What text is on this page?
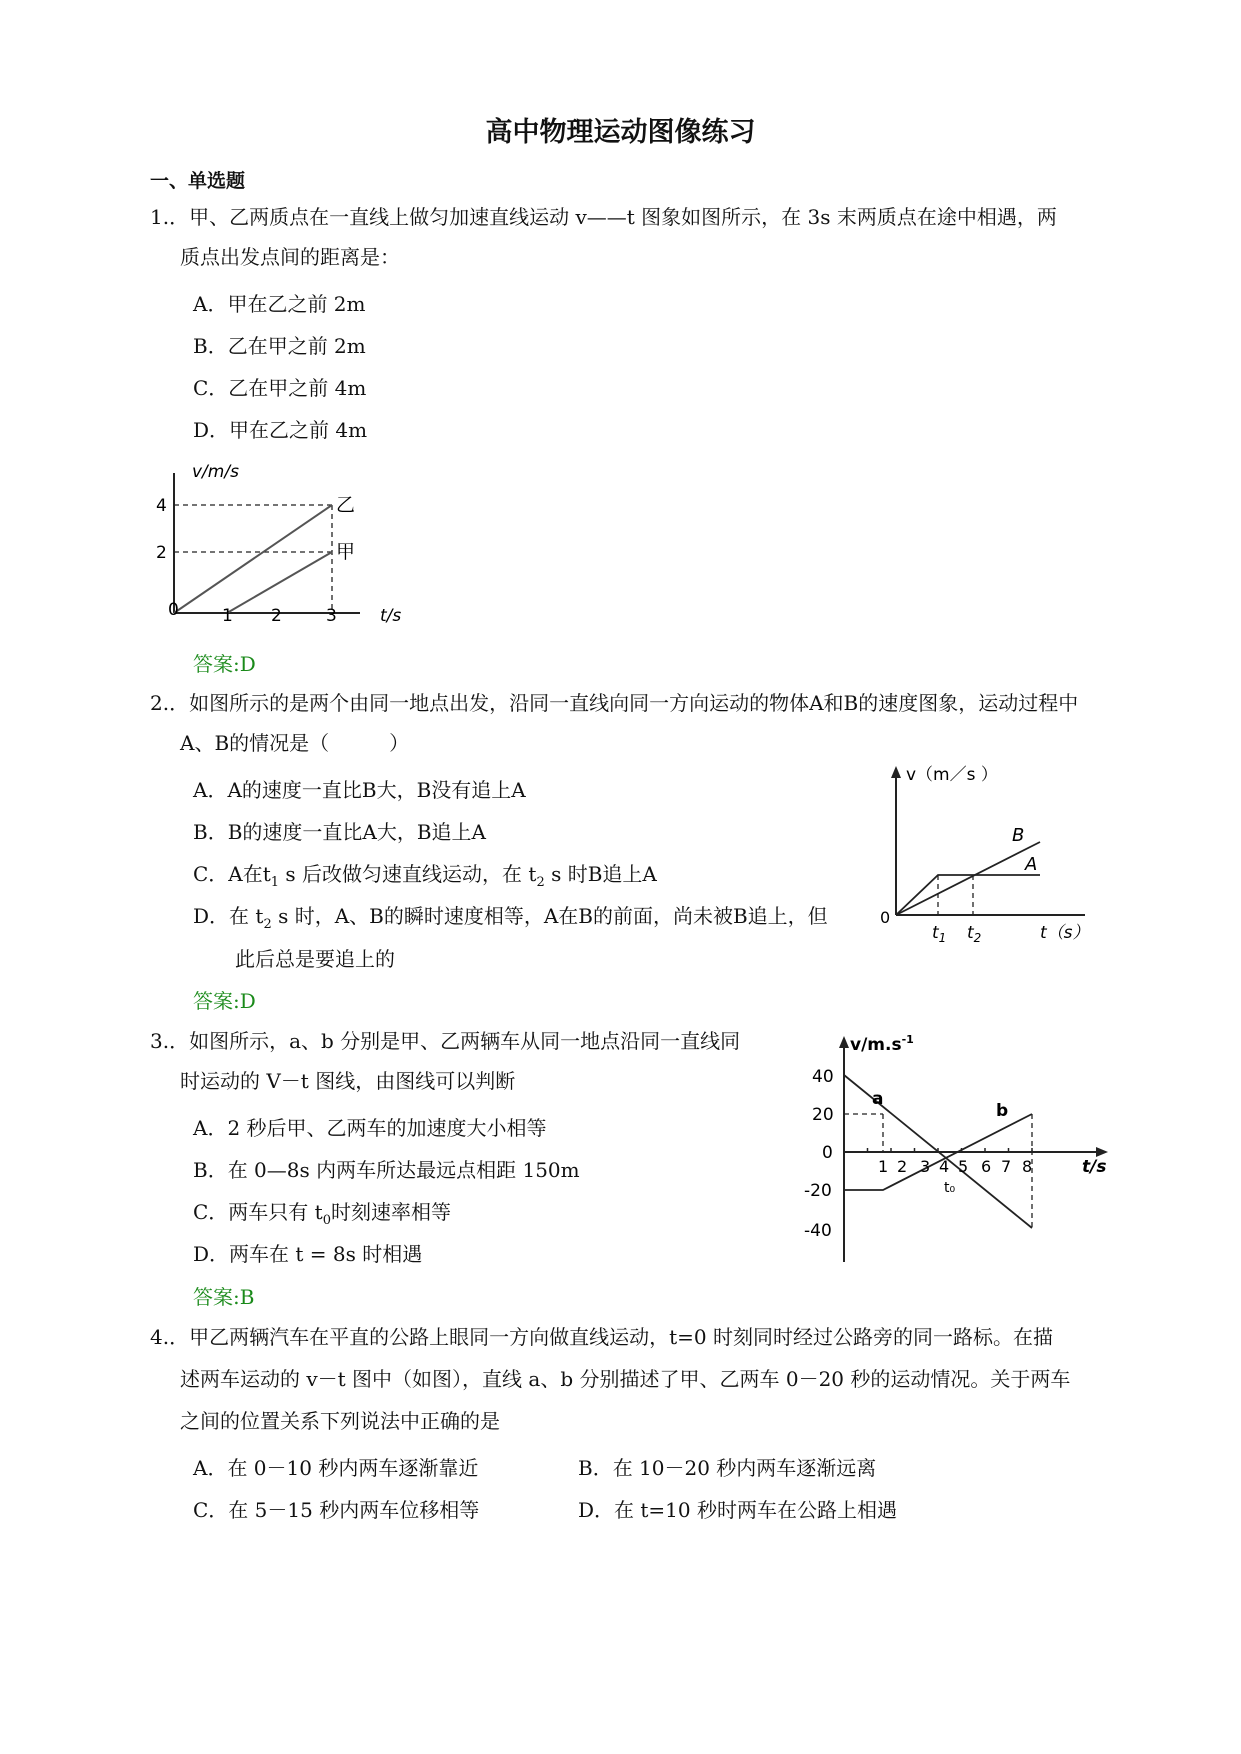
高中物理运动图像练习
一、单选题
1.．甲、乙两质点在一直线上做匀加速直线运动 v——t 图象如图所示，在 3s 末两质点在途中相遇，两
质点出发点间的距离是：
A．甲在乙之前 2m
B．乙在甲之前 2m
C．乙在甲之前 4m
D．甲在乙之前 4m
v/m/s
4
2
0	1 2	3	t/s
乙
甲
答案:D
2.．如图所示的是两个由同一地点出发，沿同一直线向同一方向运动的物体A和B的速度图象，运动过程中
A、B的情况是（　　　）
A．A的速度一直比B大，B没有追上A
B．B的速度一直比A大，B追上A
C．A在$t_1$ s 后改做匀速直线运动，在 $t_2$ s 时B追上A
D．在 $t_2$ s 时，A、B的瞬时速度相等，A在B的前面，尚未被B追上，但
此后总是要追上的
v（m／s ）
0
$t_1$ $t_2$	t（s）
B
A
答案:D
3.．如图所示，a、b 分别是甲、乙两辆车从同一地点沿同一直线同
时运动的 V－t 图线，由图线可以判断
A．2 秒后甲、乙两车的加速度大小相等
B．在 0—8s 内两车所达最远点相距 150m
C．两车只有 $t_0$时刻速率相等
D．两车在 t = 8s 时相遇
$v/m.s^{-1}$
40
20
0
-20
-40
1 2 3 4 5 6 7 8	t/s
t₀
a
b
答案:B
4.．甲乙两辆汽车在平直的公路上眼同一方向做直线运动，t=0 时刻同时经过公路旁的同一路标。在描
述两车运动的 v－t 图中（如图），直线 a、b 分别描述了甲、乙两车 0－20 秒的运动情况。关于两车
之间的位置关系下列说法中正确的是
A．在 0－10 秒内两车逐渐靠近	B．在 10－20 秒内两车逐渐远离
C．在 5－15 秒内两车位移相等	D．在 t=10 秒时两车在公路上相遇
